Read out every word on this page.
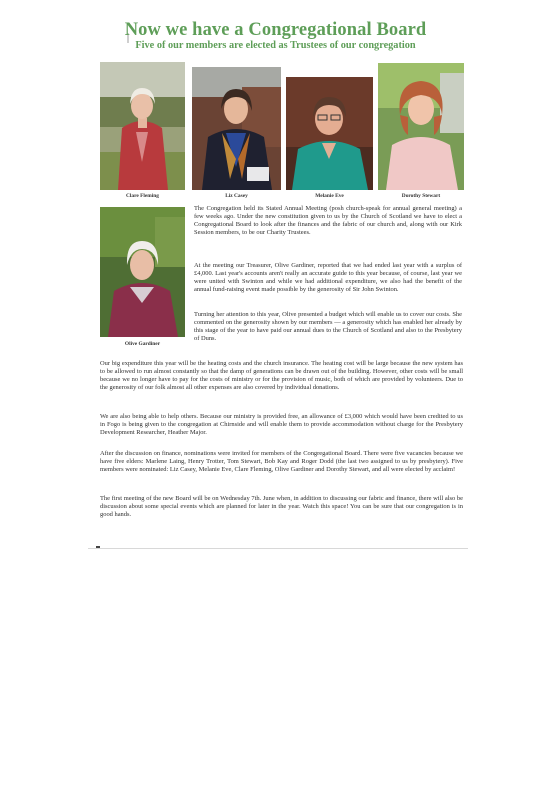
Now we have a Congregational Board
Five of our members are elected as Trustees of our congregation
Clare Fleming	Liz Casey	Melanie Eve	Dorothy Stewart
Olive Gardiner

The Congregation held its Stated Annual Meeting (posh church-speak for annual general meeting) a few weeks ago. Under the new constitution given to us by the Church of Scotland we have to elect a Congregational Board to look after the finances and the fabric of our church and, along with our Kirk Session members, to be our Charity Trustees.

At the meeting our Treasurer, Olive Gardiner, reported that we had ended last year with a surplus of £4,000. Last year's accounts aren't really an accurate guide to this year because, of course, last year we were united with Swinton and while we had additional expenditure, we also had the benefit of the annual fund-raising event made possible by the generosity of Sir John Swinton.

Turning her attention to this year, Olive presented a budget which will enable us to cover our costs. She commented on the generosity shown by our members — a generosity which has enabled her already by this stage of the year to have paid our annual dues to the Church of Scotland and also to the Presbytery of Duns.

Our big expenditure this year will be the heating costs and the church insurance. The heating cost will be large because the new system has to be allowed to run almost constantly so that the damp of generations can be drawn out of the building. However, other costs will be small because we no longer have to pay for the costs of ministry or for the provision of music, both of which are provided by volunteers. Due to the generosity of our folk almost all other expenses are also covered by individual donations.

We are also being able to help others. Because our ministry is provided free, an allowance of £3,000 which would have been credited to us in Fogo is being given to the congregation at Chirnside and will enable them to provide accommodation without charge for the Presbytery Development Researcher, Heather Major.

After the discussion on finance, nominations were invited for members of the Congregational Board. There were five vacancies because we have five elders: Marlene Laing, Henry Trotter, Tom Stewart, Bob Kay and Roger Dodd (the last two assigned to us by presbytery). Five members were nominated: Liz Casey, Melanie Eve, Clare Fleming, Olive Gardiner and Dorothy Stewart, and all were elected by acclaim!

The first meeting of the new Board will be on Wednesday 7th. June when, in addition to discussing our fabric and finance, there will also be discussion about some special events which are planned for later in the year. Watch this space! You can be sure that our congregation is in good hands.
